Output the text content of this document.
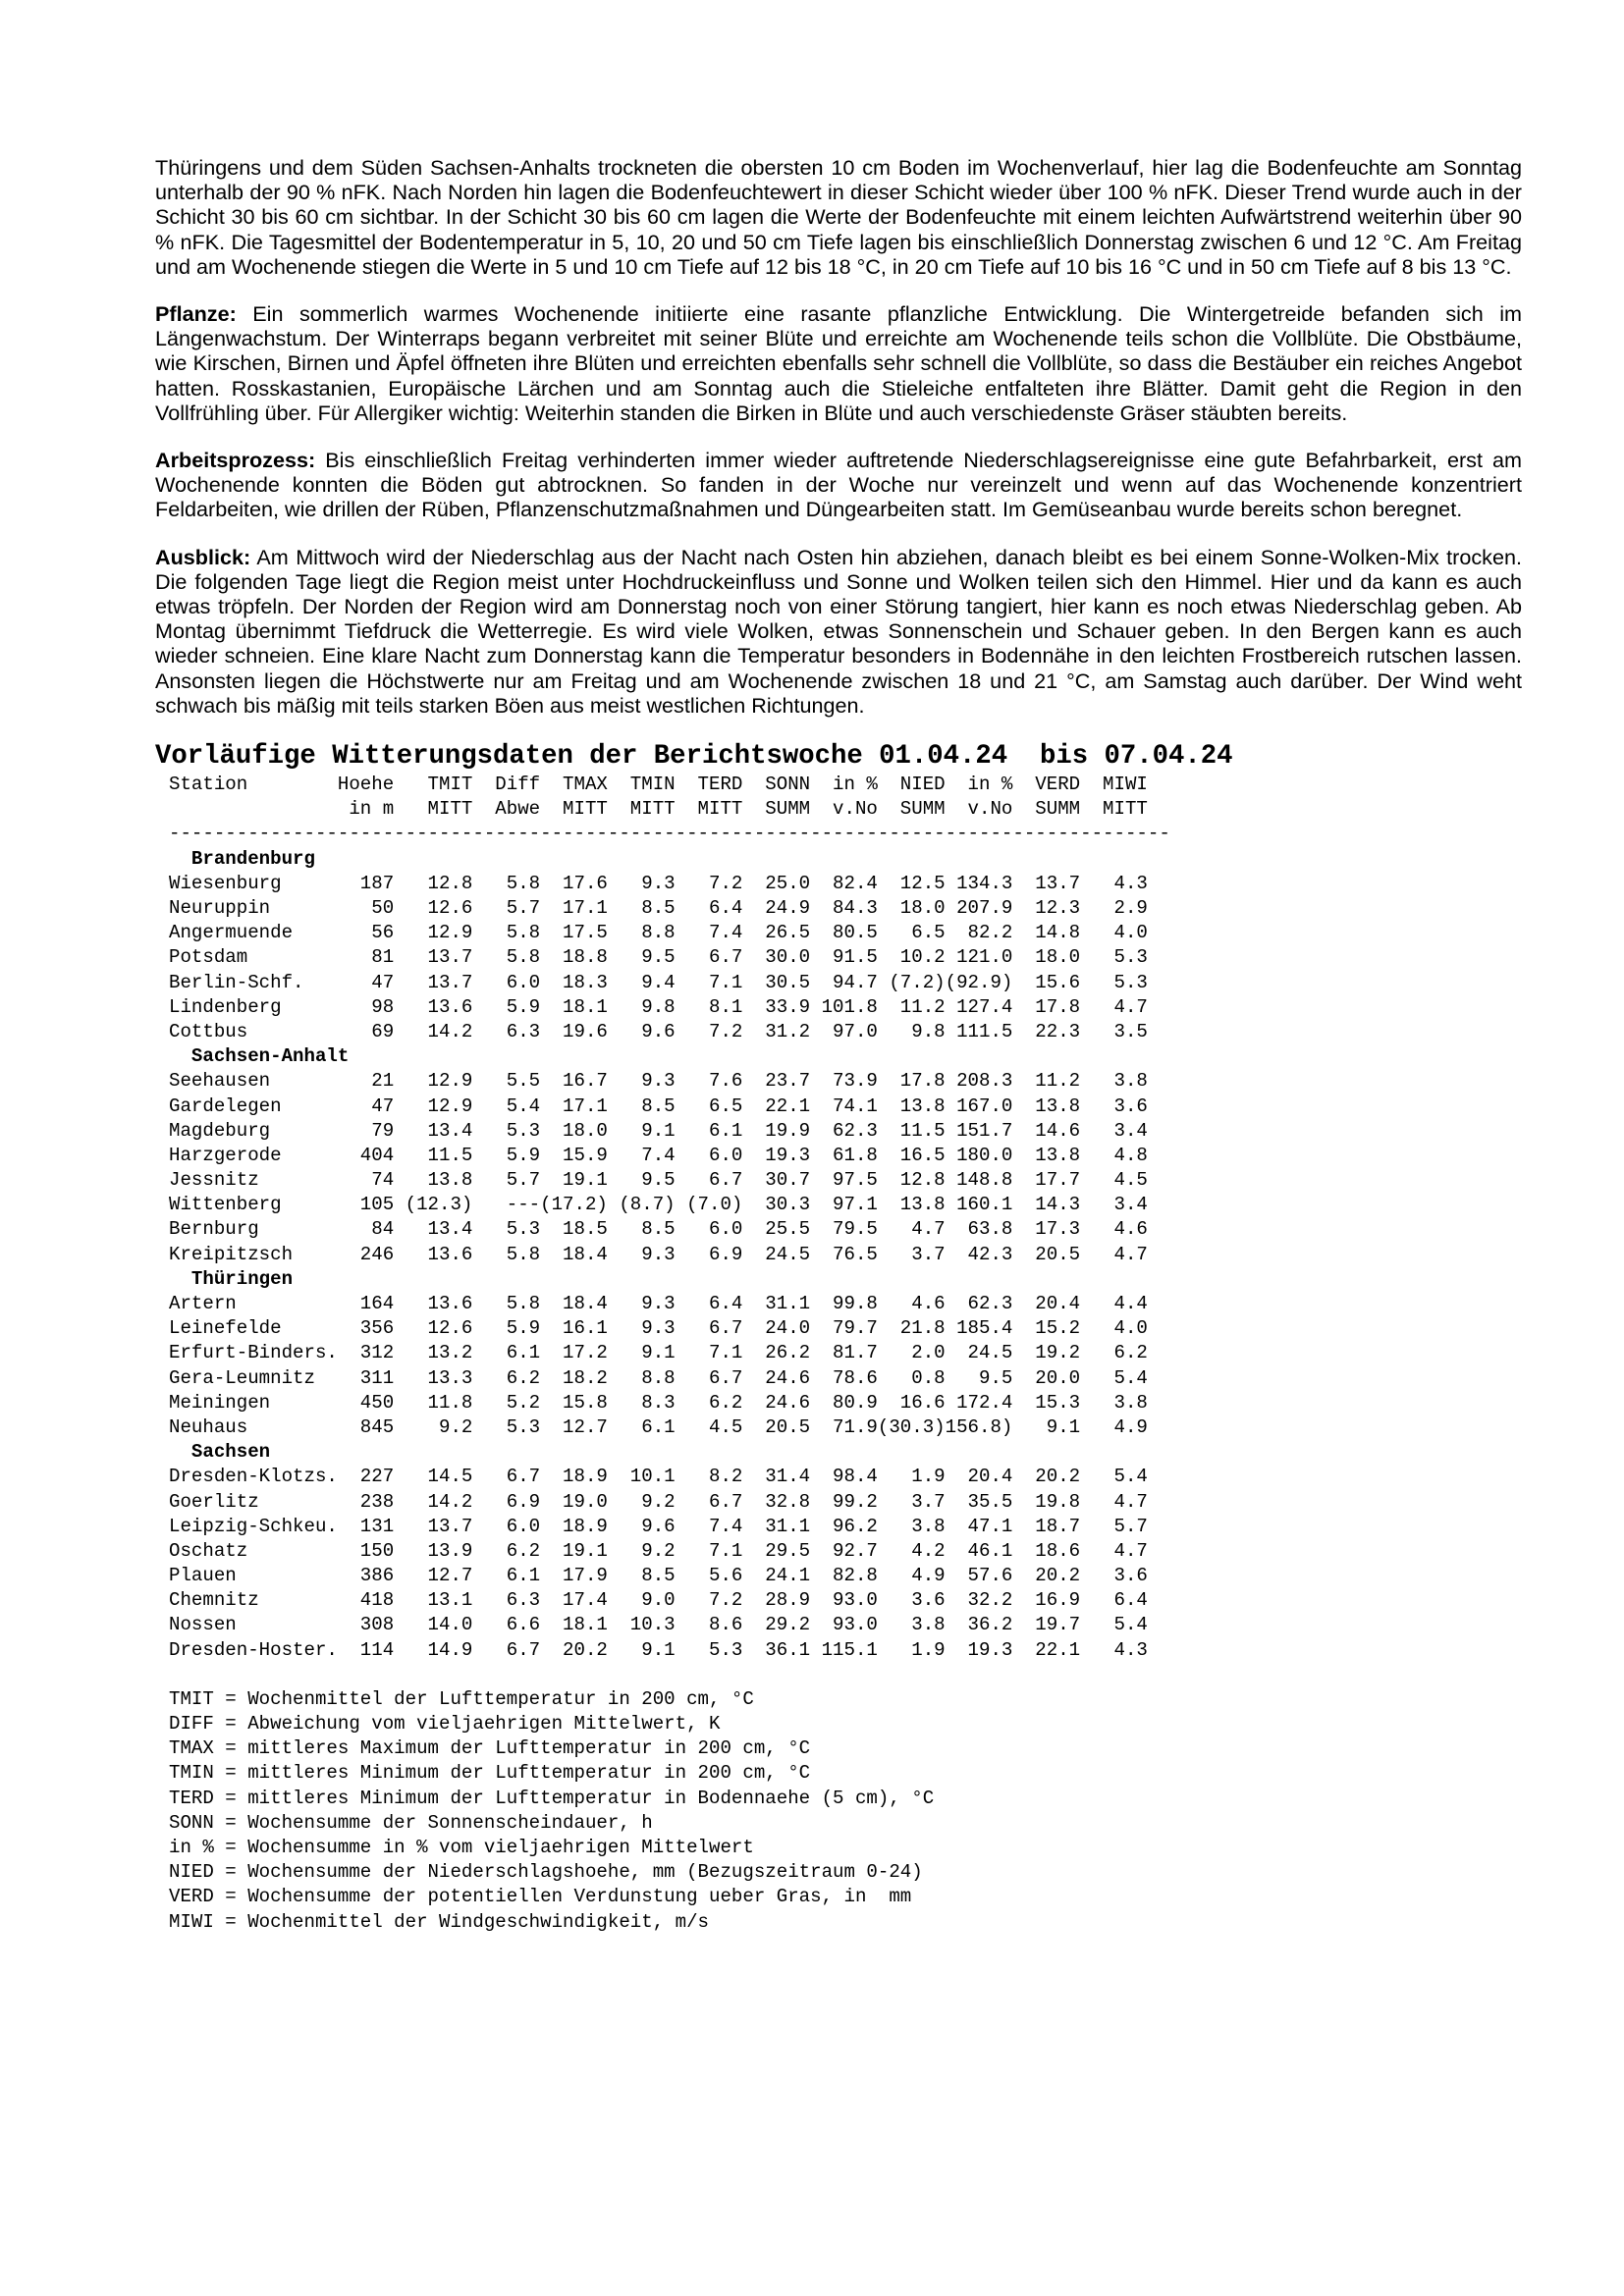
Thüringens und dem Süden Sachsen-Anhalts trockneten die obersten 10 cm Boden im Wochenverlauf, hier lag die Bodenfeuchte am Sonntag unterhalb der 90 % nFK. Nach Norden hin lagen die Bodenfeuchtewert in dieser Schicht wieder über 100 % nFK. Dieser Trend wurde auch in der Schicht 30 bis 60 cm sichtbar. In der Schicht 30 bis 60 cm lagen die Werte der Bodenfeuchte mit einem leichten Aufwärtstrend weiterhin über 90 % nFK. Die Tagesmittel der Bodentemperatur in 5, 10, 20 und 50 cm Tiefe lagen bis einschließlich Donnerstag zwischen 6 und 12 °C. Am Freitag und am Wochenende stiegen die Werte in 5 und 10 cm Tiefe auf 12 bis 18 °C, in 20 cm Tiefe auf 10 bis 16 °C und in 50 cm Tiefe auf 8 bis 13 °C.

Pflanze: Ein sommerlich warmes Wochenende initiierte eine rasante pflanzliche Entwicklung. Die Wintergetreide befanden sich im Längenwachstum. Der Winterraps begann verbreitet mit seiner Blüte und erreichte am Wochenende teils schon die Vollblüte. Die Obstbäume, wie Kirschen, Birnen und Äpfel öffneten ihre Blüten und erreichten ebenfalls sehr schnell die Vollblüte, so dass die Bestäuber ein reiches Angebot hatten. Rosskastanien, Europäische Lärchen und am Sonntag auch die Stieleiche entfalteten ihre Blätter. Damit geht die Region in den Vollfrühling über. Für Allergiker wichtig: Weiterhin standen die Birken in Blüte und auch verschiedenste Gräser stäubten bereits.

Arbeitsprozess: Bis einschließlich Freitag verhinderten immer wieder auftretende Niederschlagsereignisse eine gute Befahrbarkeit, erst am Wochenende konnten die Böden gut abtrocknen. So fanden in der Woche nur vereinzelt und wenn auf das Wochenende konzentriert Feldarbeiten, wie drillen der Rüben, Pflanzenschutzmaßnahmen und Düngearbeiten statt. Im Gemüseanbau wurde bereits schon beregnet.

Ausblick: Am Mittwoch wird der Niederschlag aus der Nacht nach Osten hin abziehen, danach bleibt es bei einem Sonne-Wolken-Mix trocken. Die folgenden Tage liegt die Region meist unter Hochdruckeinfluss und Sonne und Wolken teilen sich den Himmel. Hier und da kann es auch etwas tröpfeln. Der Norden der Region wird am Donnerstag noch von einer Störung tangiert, hier kann es noch etwas Niederschlag geben. Ab Montag übernimmt Tiefdruck die Wetterregie. Es wird viele Wolken, etwas Sonnenschein und Schauer geben. In den Bergen kann es auch wieder schneien. Eine klare Nacht zum Donnerstag kann die Temperatur besonders in Bodennähe in den leichten Frostbereich rutschen lassen. Ansonsten liegen die Höchstwerte nur am Freitag und am Wochenende zwischen 18 und 21 °C, am Samstag auch darüber. Der Wind weht schwach bis mäßig mit teils starken Böen aus meist westlichen Richtungen.

Vorläufige Witterungsdaten der Berichtswoche 01.04.24  bis 07.04.24
Station        Hoehe   TMIT  Diff  TMAX  TMIN  TERD  SONN  in %  NIED  in %  VERD  MIWI
in m   MITT  Abwe  MITT  MITT  MITT  SUMM  v.No  SUMM  v.No  SUMM  MITT
-----------------------------------------------------------------------------------------
Brandenburg
Wiesenburg       187   12.8   5.8  17.6   9.3   7.2  25.0  82.4  12.5 134.3  13.7   4.3
Neuruppin         50   12.6   5.7  17.1   8.5   6.4  24.9  84.3  18.0 207.9  12.3   2.9
Angermuende       56   12.9   5.8  17.5   8.8   7.4  26.5  80.5   6.5  82.2  14.8   4.0
Potsdam           81   13.7   5.8  18.8   9.5   6.7  30.0  91.5  10.2 121.0  18.0   5.3
Berlin-Schf.      47   13.7   6.0  18.3   9.4   7.1  30.5  94.7 (7.2)(92.9)  15.6   5.3
Lindenberg        98   13.6   5.9  18.1   9.8   8.1  33.9 101.8  11.2 127.4  17.8   4.7
Cottbus           69   14.2   6.3  19.6   9.6   7.2  31.2  97.0   9.8 111.5  22.3   3.5
Sachsen-Anhalt
Seehausen         21   12.9   5.5  16.7   9.3   7.6  23.7  73.9  17.8 208.3  11.2   3.8
Gardelegen        47   12.9   5.4  17.1   8.5   6.5  22.1  74.1  13.8 167.0  13.8   3.6
Magdeburg         79   13.4   5.3  18.0   9.1   6.1  19.9  62.3  11.5 151.7  14.6   3.4
Harzgerode       404   11.5   5.9  15.9   7.4   6.0  19.3  61.8  16.5 180.0  13.8   4.8
Jessnitz          74   13.8   5.7  19.1   9.5   6.7  30.7  97.5  12.8 148.8  17.7   4.5
Wittenberg       105 (12.3)   ---(17.2) (8.7) (7.0)  30.3  97.1  13.8 160.1  14.3   3.4
Bernburg          84   13.4   5.3  18.5   8.5   6.0  25.5  79.5   4.7  63.8  17.3   4.6
Kreipitzsch      246   13.6   5.8  18.4   9.3   6.9  24.5  76.5   3.7  42.3  20.5   4.7
Thüringen
Artern           164   13.6   5.8  18.4   9.3   6.4  31.1  99.8   4.6  62.3  20.4   4.4
Leinefelde       356   12.6   5.9  16.1   9.3   6.7  24.0  79.7  21.8 185.4  15.2   4.0
Erfurt-Binders.  312   13.2   6.1  17.2   9.1   7.1  26.2  81.7   2.0  24.5  19.2   6.2
Gera-Leumnitz    311   13.3   6.2  18.2   8.8   6.7  24.6  78.6   0.8   9.5  20.0   5.4
Meiningen        450   11.8   5.2  15.8   8.3   6.2  24.6  80.9  16.6 172.4  15.3   3.8
Neuhaus          845    9.2   5.3  12.7   6.1   4.5  20.5  71.9(30.3)156.8)   9.1   4.9
Sachsen
Dresden-Klotzs.  227   14.5   6.7  18.9  10.1   8.2  31.4  98.4   1.9  20.4  20.2   5.4
Goerlitz         238   14.2   6.9  19.0   9.2   6.7  32.8  99.2   3.7  35.5  19.8   4.7
Leipzig-Schkeu.  131   13.7   6.0  18.9   9.6   7.4  31.1  96.2   3.8  47.1  18.7   5.7
Oschatz          150   13.9   6.2  19.1   9.2   7.1  29.5  92.7   4.2  46.1  18.6   4.7
Plauen           386   12.7   6.1  17.9   8.5   5.6  24.1  82.8   4.9  57.6  20.2   3.6
Chemnitz         418   13.1   6.3  17.4   9.0   7.2  28.9  93.0   3.6  32.2  16.9   6.4
Nossen           308   14.0   6.6  18.1  10.3   8.6  29.2  93.0   3.8  36.2  19.7   5.4
Dresden-Hoster.  114   14.9   6.7  20.2   9.1   5.3  36.1 115.1   1.9  19.3  22.1   4.3
TMIT = Wochenmittel der Lufttemperatur in 200 cm, °C
DIFF = Abweichung vom vieljaehrigen Mittelwert, K
TMAX = mittleres Maximum der Lufttemperatur in 200 cm, °C
TMIN = mittleres Minimum der Lufttemperatur in 200 cm, °C
TERD = mittleres Minimum der Lufttemperatur in Bodennaehe (5 cm), °C
SONN = Wochensumme der Sonnenscheindauer, h
in % = Wochensumme in % vom vieljaehrigen Mittelwert
NIED = Wochensumme der Niederschlagshoehe, mm (Bezugszeitraum 0-24)
VERD = Wochensumme der potentiellen Verdunstung ueber Gras, in  mm
MIWI = Wochenmittel der Windgeschwindigkeit, m/s
